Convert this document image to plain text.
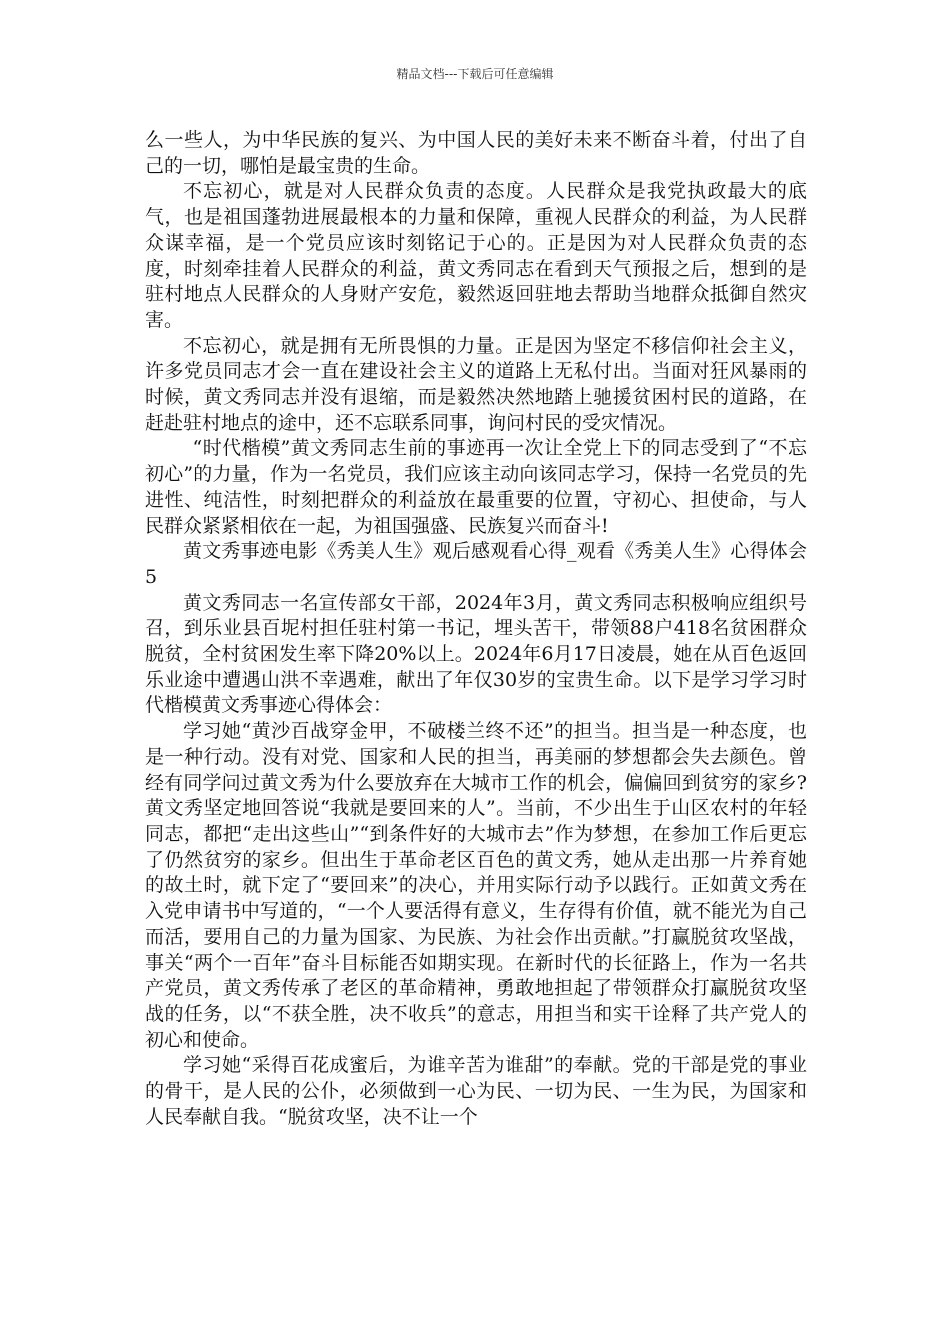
精品文档---下载后可任意编辑

么一些人，为中华民族的复兴、为中国人民的美好未来不断奋斗着，付出了自己的一切，哪怕是最宝贵的生命。

不忘初心，就是对人民群众负责的态度。人民群众是我党执政最大的底气，也是祖国蓬勃进展最根本的力量和保障，重视人民群众的利益，为人民群众谋幸福，是一个党员应该时刻铭记于心的。正是因为对人民群众负责的态度，时刻牵挂着人民群众的利益，黄文秀同志在看到天气预报之后，想到的是驻村地点人民群众的人身财产安危，毅然返回驻地去帮助当地群众抵御自然灾害。

不忘初心，就是拥有无所畏惧的力量。正是因为坚定不移信仰社会主义，许多党员同志才会一直在建设社会主义的道路上无私付出。当面对狂风暴雨的时候，黄文秀同志并没有退缩，而是毅然决然地踏上驰援贫困村民的道路，在赶赴驻村地点的途中，还不忘联系同事，询问村民的受灾情况。

“时代楷模”黄文秀同志生前的事迹再一次让全党上下的同志受到了“不忘初心”的力量，作为一名党员，我们应该主动向该同志学习，保持一名党员的先进性、纯洁性，时刻把群众的利益放在最重要的位置，守初心、担使命，与人民群众紧紧相依在一起，为祖国强盛、民族复兴而奋斗!

黄文秀事迹电影《秀美人生》观后感观看心得_观看《秀美人生》心得体会5

黄文秀同志一名宣传部女干部，2024年3月，黄文秀同志积极响应组织号召，到乐业县百坭村担任驻村第一书记，埋头苦干，带领88户418名贫困群众脱贫，全村贫困发生率下降20%以上。2024年6月17日凌晨，她在从百色返回乐业途中遭遇山洪不幸遇难，献出了年仅30岁的宝贵生命。以下是学习学习时代楷模黄文秀事迹心得体会：

学习她“黄沙百战穿金甲，不破楼兰终不还”的担当。担当是一种态度，也是一种行动。没有对党、国家和人民的担当，再美丽的梦想都会失去颜色。曾经有同学问过黄文秀为什么要放弃在大城市工作的机会，偏偏回到贫穷的家乡?黄文秀坚定地回答说“我就是要回来的人”。当前，不少出生于山区农村的年轻同志，都把“走出这些山”“到条件好的大城市去”作为梦想，在参加工作后更忘了仍然贫穷的家乡。但出生于革命老区百色的黄文秀，她从走出那一片养育她的故土时，就下定了“要回来”的决心，并用实际行动予以践行。正如黄文秀在入党申请书中写道的，“一个人要活得有意义，生存得有价值，就不能光为自己而活，要用自己的力量为国家、为民族、为社会作出贡献。”打赢脱贫攻坚战，事关“两个一百年”奋斗目标能否如期实现。在新时代的长征路上，作为一名共产党员，黄文秀传承了老区的革命精神，勇敢地担起了带领群众打赢脱贫攻坚战的任务，以“不获全胜，决不收兵”的意志，用担当和实干诠释了共产党人的初心和使命。

学习她“采得百花成蜜后，为谁辛苦为谁甜”的奉献。党的干部是党的事业的骨干，是人民的公仆，必须做到一心为民、一切为民、一生为民，为国家和人民奉献自我。“脱贫攻坚，决不让一个
